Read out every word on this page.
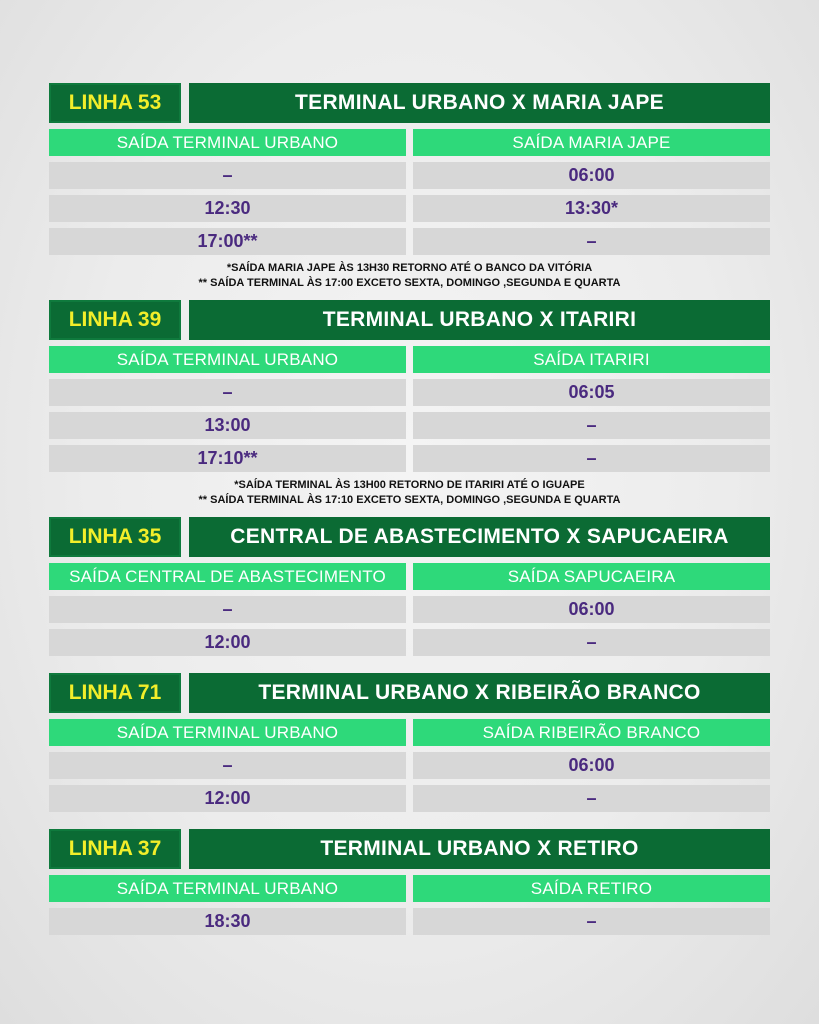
LINHA 53	TERMINAL URBANO X MARIA JAPE
SAÍDA TERMINAL URBANO	SAÍDA MARIA JAPE
–	06:00
12:30	13:30*
17:00**	–
*SAÍDA MARIA JAPE ÀS 13H30 RETORNO ATÉ O BANCO DA VITÓRIA
** SAÍDA TERMINAL ÀS 17:00 EXCETO SEXTA, DOMINGO ,SEGUNDA E QUARTA
LINHA 39	TERMINAL URBANO X ITARIRI
SAÍDA TERMINAL URBANO	SAÍDA ITARIRI
–	06:05
13:00	–
17:10**	–
*SAÍDA TERMINAL ÀS 13H00 RETORNO DE ITARIRI ATÉ O IGUAPE
** SAÍDA TERMINAL ÀS 17:10 EXCETO SEXTA, DOMINGO ,SEGUNDA E QUARTA
LINHA 35	CENTRAL DE ABASTECIMENTO X SAPUCAEIRA
SAÍDA CENTRAL DE ABASTECIMENTO	SAÍDA SAPUCAEIRA
–	06:00
12:00	–
LINHA 71	TERMINAL URBANO X RIBEIRÃO BRANCO
SAÍDA TERMINAL URBANO	SAÍDA RIBEIRÃO BRANCO
–	06:00
12:00	–
LINHA 37	TERMINAL URBANO X RETIRO
SAÍDA TERMINAL URBANO	SAÍDA RETIRO
18:30	–
